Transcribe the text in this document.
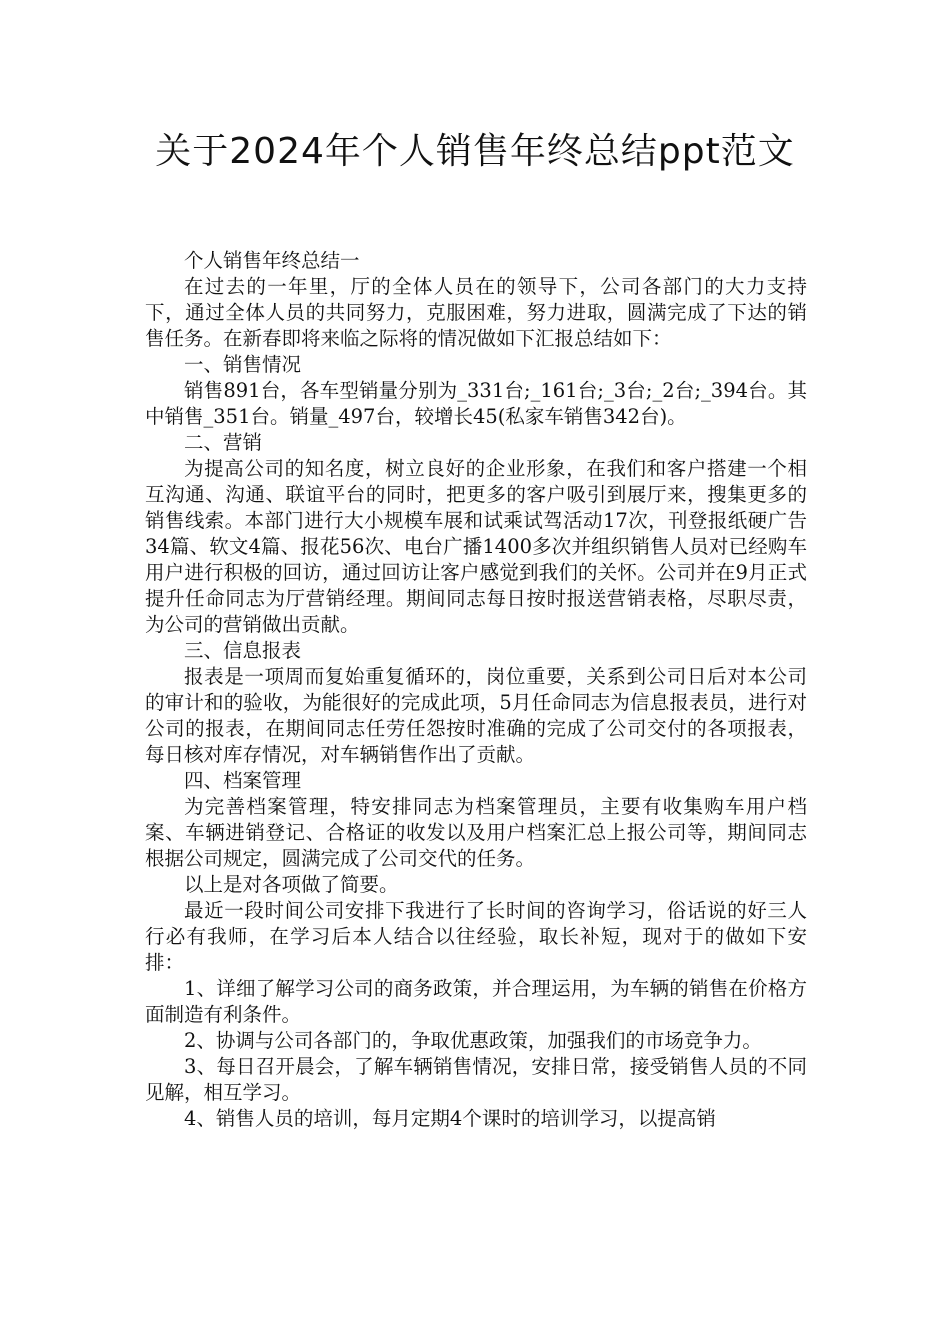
关于2024年个人销售年终总结ppt范文

个人销售年终总结一

在过去的一年里，厅的全体人员在的领导下，公司各部门的大力支持下，通过全体人员的共同努力，克服困难，努力进取，圆满完成了下达的销售任务。在新春即将来临之际将的情况做如下汇报总结如下：

一、销售情况

销售891台，各车型销量分别为_331台;_161台;_3台;_2台;_394台。其中销售_351台。销量_497台，较增长45(私家车销售342台)。

二、营销

为提高公司的知名度，树立良好的企业形象，在我们和客户搭建一个相互沟通、沟通、联谊平台的同时，把更多的客户吸引到展厅来，搜集更多的销售线索。本部门进行大小规模车展和试乘试驾活动17次，刊登报纸硬广告34篇、软文4篇、报花56次、电台广播1400多次并组织销售人员对已经购车用户进行积极的回访，通过回访让客户感觉到我们的关怀。公司并在9月正式提升任命同志为厅营销经理。期间同志每日按时报送营销表格，尽职尽责，为公司的营销做出贡献。

三、信息报表

报表是一项周而复始重复循环的，岗位重要，关系到公司日后对本公司的审计和的验收，为能很好的完成此项，5月任命同志为信息报表员，进行对公司的报表，在期间同志任劳任怨按时准确的完成了公司交付的各项报表，每日核对库存情况，对车辆销售作出了贡献。

四、档案管理

为完善档案管理，特安排同志为档案管理员，主要有收集购车用户档案、车辆进销登记、合格证的收发以及用户档案汇总上报公司等，期间同志根据公司规定，圆满完成了公司交代的任务。

以上是对各项做了简要。

最近一段时间公司安排下我进行了长时间的咨询学习，俗话说的好三人行必有我师，在学习后本人结合以往经验，取长补短，现对于的做如下安排：

1、详细了解学习公司的商务政策，并合理运用，为车辆的销售在价格方面制造有利条件。

2、协调与公司各部门的，争取优惠政策，加强我们的市场竞争力。

3、每日召开晨会，了解车辆销售情况，安排日常，接受销售人员的不同见解，相互学习。

4、销售人员的培训，每月定期4个课时的培训学习，以提高销
